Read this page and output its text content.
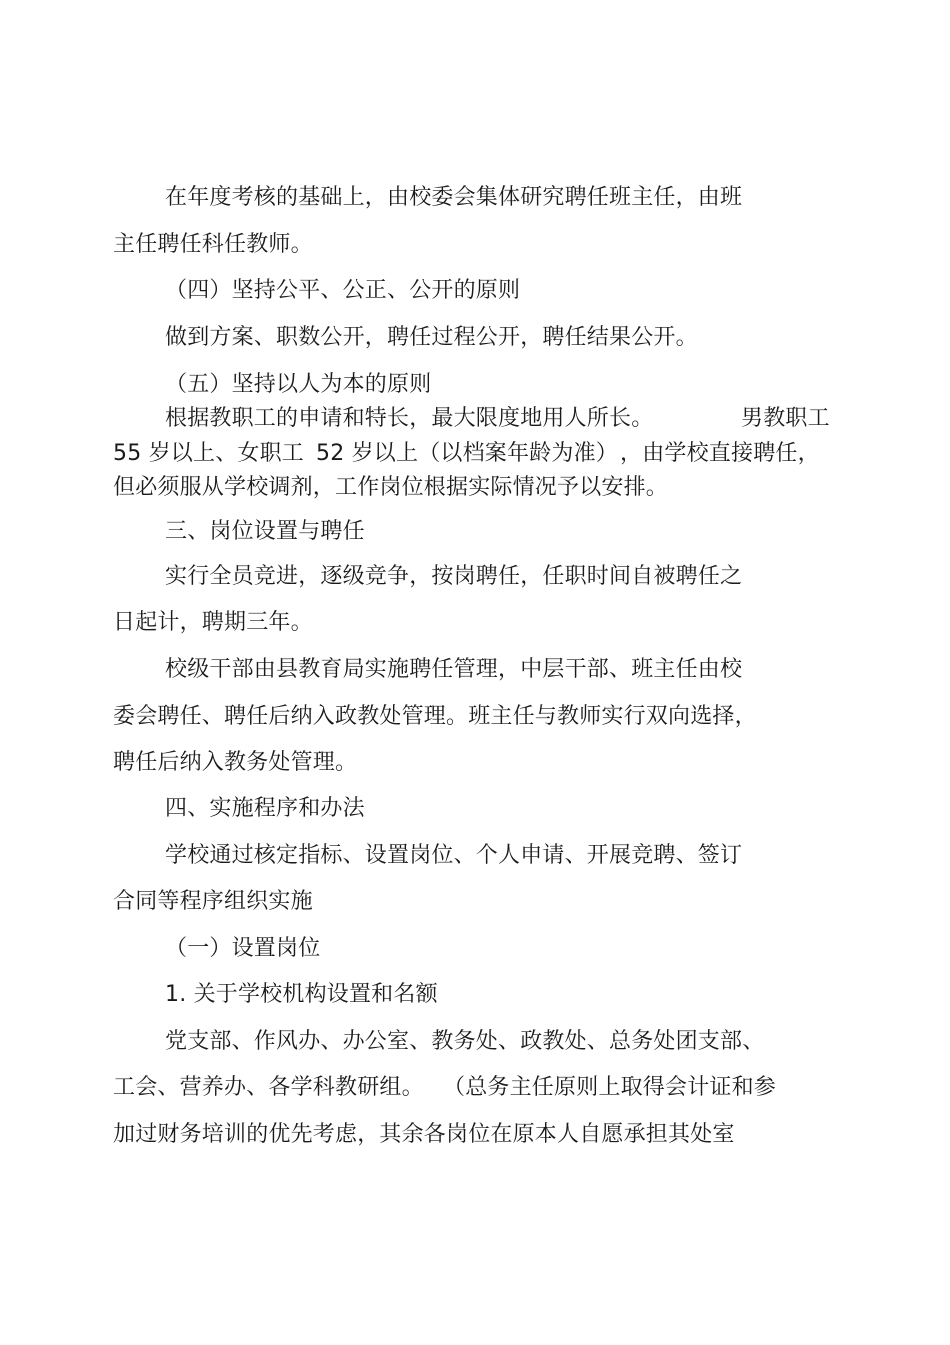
在年度考核的基础上，由校委会集体研究聘任班主任，由班
主任聘任科任教师。
（四）坚持公平、公正、公开的原则
做到方案、职数公开，聘任过程公开，聘任结果公开。
（五）坚持以人为本的原则
根据教职工的申请和特长，最大限度地用人所长。	男教职工
55 岁以上、女职工 52 岁以上（以档案年龄为准） ，由学校直接聘任，
但必须服从学校调剂，工作岗位根据实际情况予以安排。
三、岗位设置与聘任
实行全员竞进，逐级竞争，按岗聘任，任职时间自被聘任之
日起计，聘期三年。
校级干部由县教育局实施聘任管理，中层干部、班主任由校
委会聘任、聘任后纳入政教处管理。班主任与教师实行双向选择，
聘任后纳入教务处管理。
四、实施程序和办法
学校通过核定指标、设置岗位、个人申请、开展竞聘、签订
合同等程序组织实施
（一）设置岗位
1. 关于学校机构设置和名额
党支部、作风办、办公室、教务处、政教处、总务处团支部、
工会、营养办、各学科教研组。 （总务主任原则上取得会计证和参
加过财务培训的优先考虑，其余各岗位在原本人自愿承担其处室
